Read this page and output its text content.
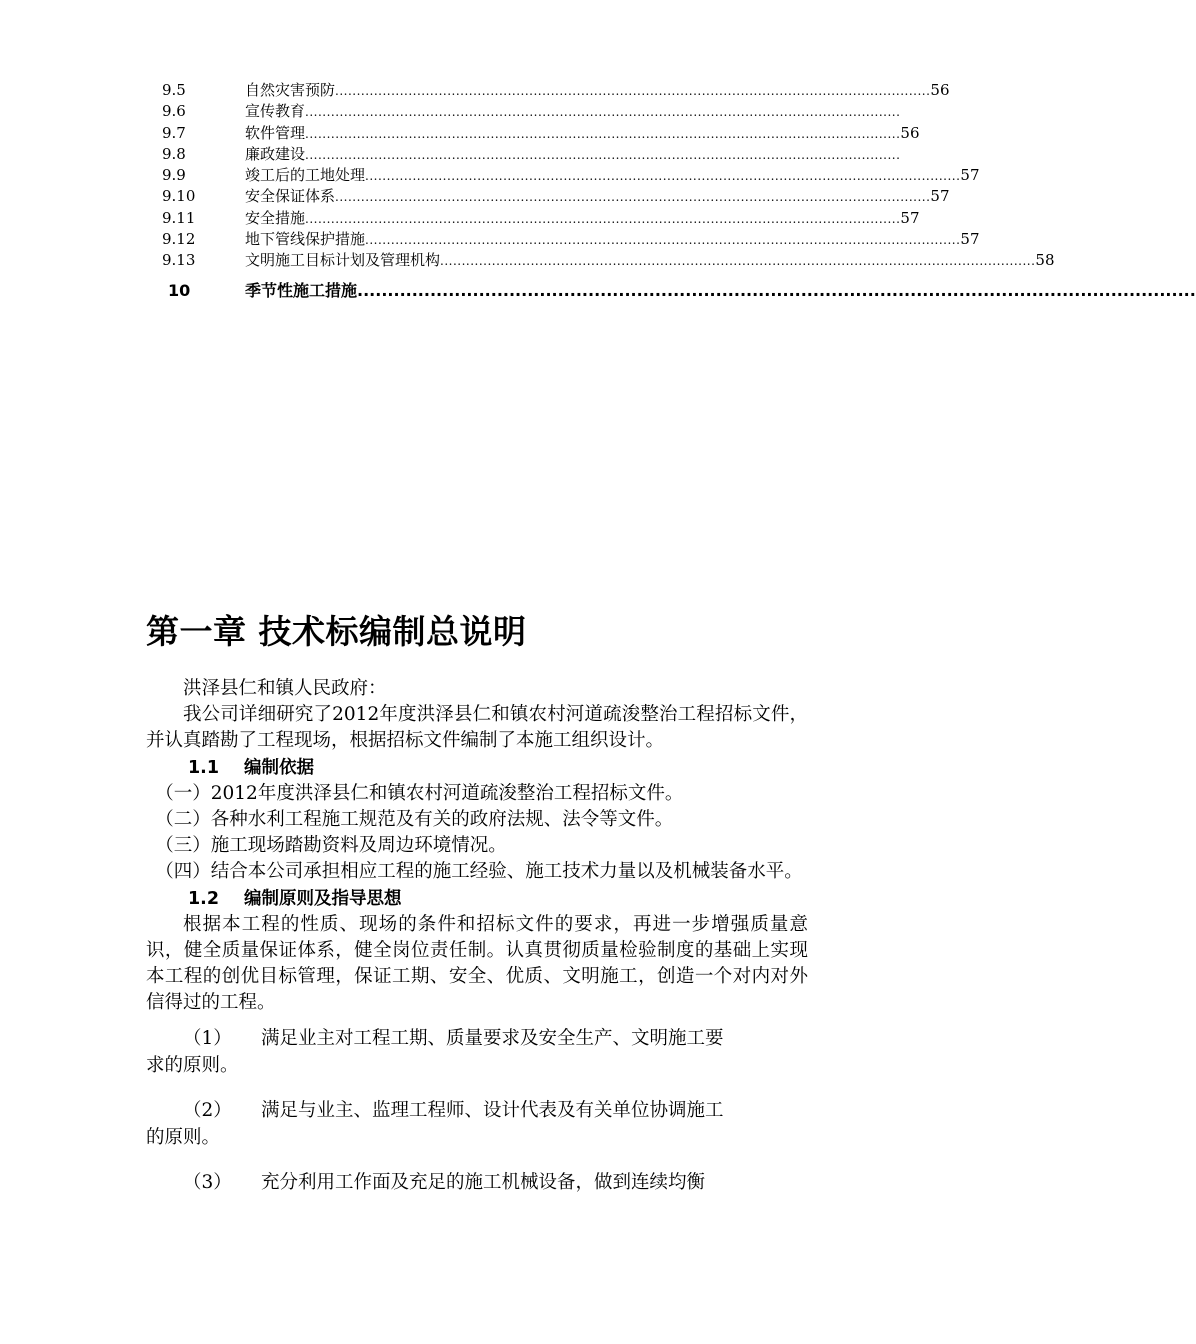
9.5	自然灾害预防 .......................................................................................................................................... 56
9.6	宣传教育 ..........................................................................................................................................
9.7	软件管理 .......................................................................................................................................... 56
9.8	廉政建设 ..........................................................................................................................................
9.9	竣工后的工地处理 .......................................................................................................................................... 57
9.10	安全保证体系 .......................................................................................................................................... 57
9.11	安全措施 .......................................................................................................................................... 57
9.12	地下管线保护措施 .......................................................................................................................................... 57
9.13	文明施工目标计划及管理机构 .......................................................................................................................................... 58
10	季节性施工措施 ..........................................................................................................................................
第一章 技术标编制总说明

洪泽县仁和镇人民政府：

我公司详细研究了2012年度洪泽县仁和镇农村河道疏浚整治工程招标文件，并认真踏勘了工程现场，根据招标文件编制了本施工组织设计。

1.1 编制依据

（一）2012年度洪泽县仁和镇农村河道疏浚整治工程招标文件。

（二）各种水利工程施工规范及有关的政府法规、法令等文件。

（三）施工现场踏勘资料及周边环境情况。

（四）结合本公司承担相应工程的施工经验、施工技术力量以及机械装备水平。

1.2 编制原则及指导思想

根据本工程的性质、现场的条件和招标文件的要求，再进一步增强质量意识，健全质量保证体系，健全岗位责任制。认真贯彻质量检验制度的基础上实现本工程的创优目标管理，保证工期、安全、优质、文明施工，创造一个对内对外信得过的工程。

（1） 满足业主对工程工期、质量要求及安全生产、文明施工要

求的原则。

（2） 满足与业主、监理工程师、设计代表及有关单位协调施工

的原则。

（3） 充分利用工作面及充足的施工机械设备，做到连续均衡
